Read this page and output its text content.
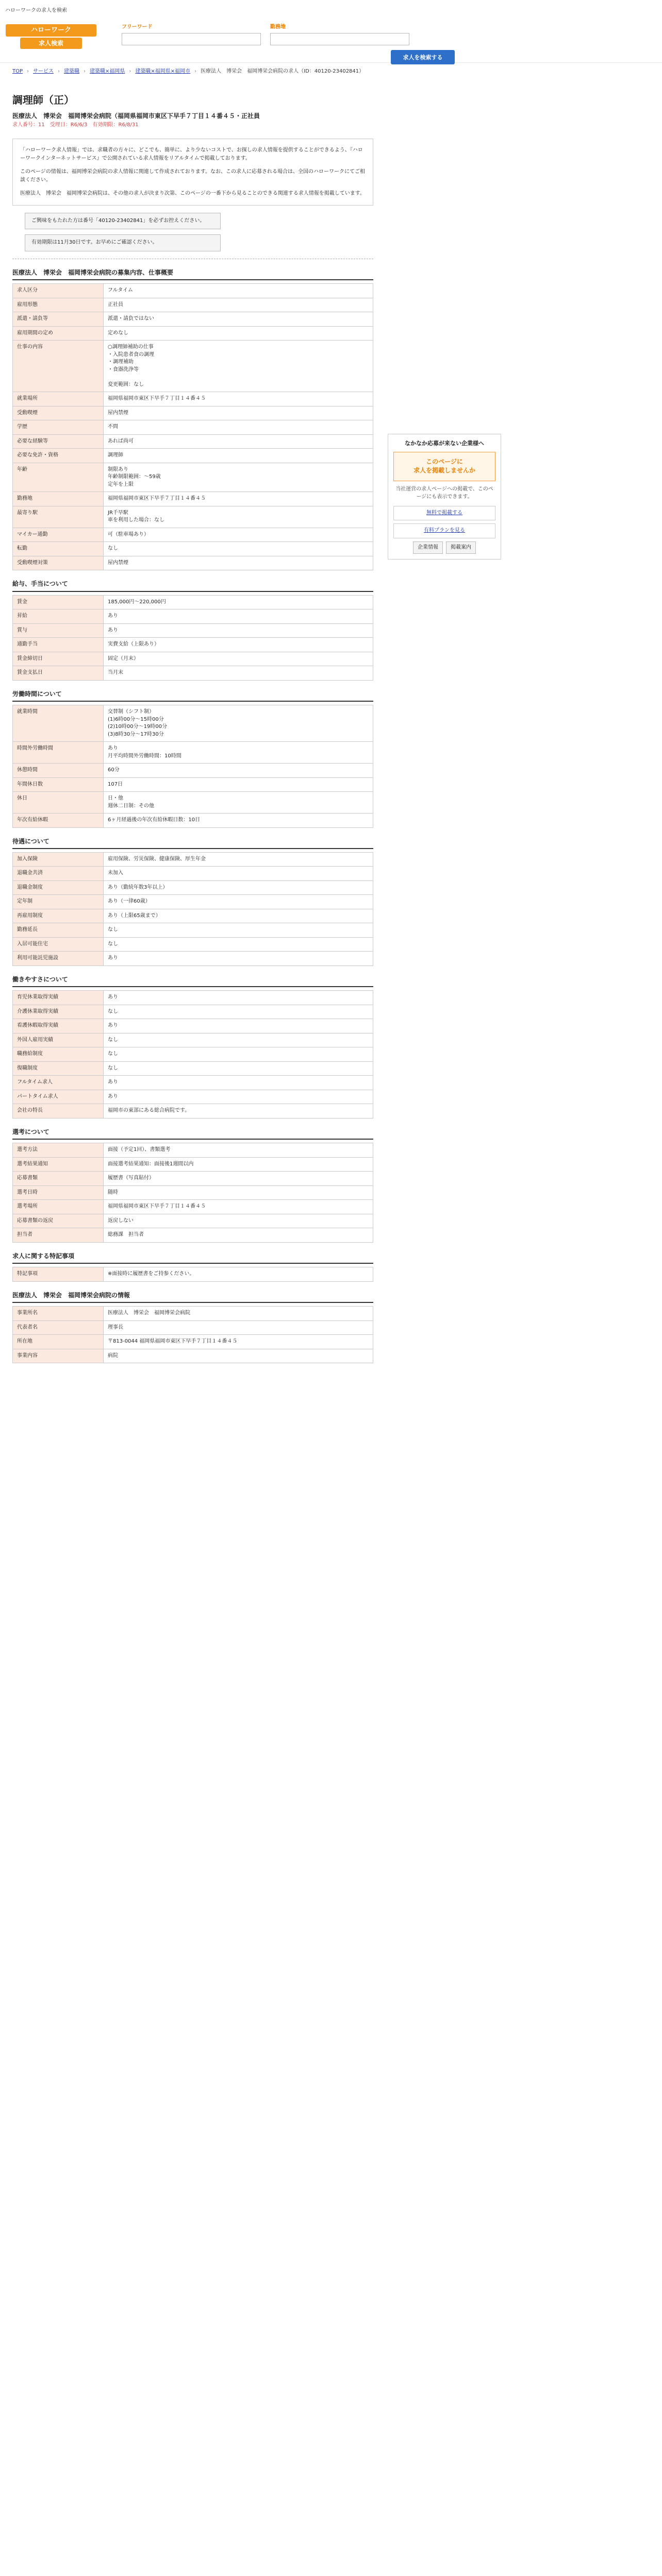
ハローワークの求人を検索
ハローワーク
求人検索
フリーワード	勤務地
求人を検索する
TOP › サービス › 建築職 › 建築職×福岡県 › 建築職×福岡県×福岡市 › 医療法人　博栄会　福岡博栄会病院の求人（ID：40120-23402841）
調理師（正）
医療法人　博栄会　福岡博栄会病院（福岡県福岡市東区下早手７丁目１４番４５・正社員
求人番号：11　受理日：R6/6/3　有効期限：R6/8/31

「ハローワーク求人情報」では、求職者の方々に、どこでも、簡単に、より少ないコストで、お探しの求人情報を提供することができるよう、『ハローワークインターネットサービス』で公開されている求人情報をリアルタイムで掲載しております。

このページの情報は、福岡博栄会病院の求人情報に関連して作成されております。なお、この求人に応募される場合は、全国のハローワークにてご相談ください。

医療法人　博栄会　福岡博栄会病院は、その他の求人が決まり次第、このページの一番下から見ることのできる関連する求人情報を掲載しています。

ご興味をもたれた方は番号「40120-23402841」を必ずお控えください。
有効期限は11月30日です。お早めにご確認ください。
医療法人　博栄会　福岡博栄会病院の募集内容、仕事概要
求人区分	フルタイム
雇用形態	正社員
派遣・請負等	派遣・請負ではない
雇用期間の定め	定めなし
仕事の内容	○調理師補助の仕事
・入院患者食の調理
・調理補助
・食器洗浄等

変更範囲：なし
就業場所	福岡県福岡市東区下早手７丁目１４番４５
受動喫煙	屋内禁煙
学歴	不問
必要な経験等	あれば尚可
必要な免許・資格	調理師
年齢	制限あり
年齢制限範囲：〜59歳
定年を上限
勤務地	福岡県福岡市東区下早手７丁目１４番４５
最寄り駅	JR千早駅
車を利用した場合：なし
マイカー通勤	可（駐車場あり）
転勤	なし
受動喫煙対策	屋内禁煙
給与、手当について
賃金	185,000円〜220,000円
昇給	あり
賞与	あり
通勤手当	実費支給（上限あり）
賃金締切日	固定（月末）
賃金支払日	当月末
労働時間について
就業時間	交替制（シフト制）
(1)6時00分〜15時00分
(2)10時00分〜19時00分
(3)8時30分〜17時30分
時間外労働時間	あり
月平均時間外労働時間：10時間
休憩時間	60分
年間休日数	107日
休日	日・他
週休二日制：その他
年次有給休暇	6ヶ月経過後の年次有給休暇日数：10日
待遇について
加入保険	雇用保険、労災保険、健康保険、厚生年金
退職金共済	未加入
退職金制度	あり（勤続年数3年以上）
定年制	あり（一律60歳）
再雇用制度	あり（上限65歳まで）
勤務延長	なし
入居可能住宅	なし
利用可能託児施設	あり
働きやすさについて
育児休業取得実績	あり
介護休業取得実績	なし
看護休暇取得実績	あり
外国人雇用実績	なし
職務給制度	なし
復職制度	なし
フルタイム求人	あり
パートタイム求人	あり
会社の特長	福岡市の東部にある総合病院です。
選考について
選考方法	面接（予定1回）、書類選考
選考結果通知	面接選考結果通知：面接後1週間以内
応募書類	履歴書（写真貼付）
選考日時	随時
選考場所	福岡県福岡市東区下早手７丁目１４番４５
応募書類の返戻	返戻しない
担当者	総務課　担当者
求人に関する特記事項
特記事項	※面接時に履歴書をご持参ください。
医療法人　博栄会　福岡博栄会病院の情報
事業所名	医療法人　博栄会　福岡博栄会病院
代表者名	理事長
所在地	〒813-0044 福岡県福岡市東区下早手７丁目１４番４５
事業内容	病院
なかなか応募が来ない企業様へ
このページに
求人を掲載しませんか
当社運営の求人ページへの掲載で、このページにも表示できます。
無料で掲載する
有料プランを見る
企業情報	掲載案内
